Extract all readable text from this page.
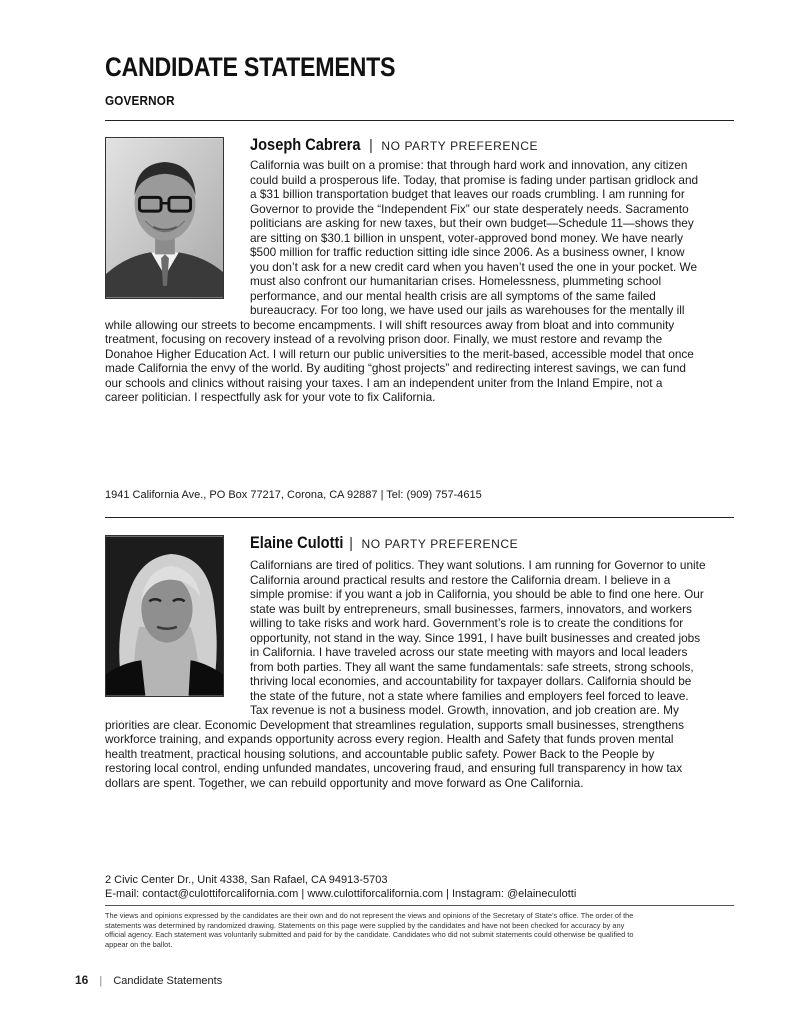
CANDIDATE STATEMENTS
GOVERNOR
Joseph Cabrera | NO PARTY PREFERENCE
California was built on a promise: that through hard work and innovation, any citizen
could build a prosperous life. Today, that promise is fading under partisan gridlock and
a $31 billion transportation budget that leaves our roads crumbling. I am running for
Governor to provide the “Independent Fix” our state desperately needs. Sacramento
politicians are asking for new taxes, but their own budget—Schedule 11—shows they
are sitting on $30.1 billion in unspent, voter-approved bond money. We have nearly
$500 million for traffic reduction sitting idle since 2006. As a business owner, I know
you don’t ask for a new credit card when you haven’t used the one in your pocket. We
must also confront our humanitarian crises. Homelessness, plummeting school
performance, and our mental health crisis are all symptoms of the same failed
bureaucracy. For too long, we have used our jails as warehouses for the mentally ill
while allowing our streets to become encampments. I will shift resources away from bloat and into community
treatment, focusing on recovery instead of a revolving prison door. Finally, we must restore and revamp the
Donahoe Higher Education Act. I will return our public universities to the merit-based, accessible model that once
made California the envy of the world. By auditing “ghost projects” and redirecting interest savings, we can fund
our schools and clinics without raising your taxes. I am an independent uniter from the Inland Empire, not a
career politician. I respectfully ask for your vote to fix California.
1941 California Ave., PO Box 77217, Corona, CA 92887 | Tel: (909) 757-4615
Elaine Culotti | NO PARTY PREFERENCE
Californians are tired of politics. They want solutions. I am running for Governor to unite
California around practical results and restore the California dream. I believe in a
simple promise: if you want a job in California, you should be able to find one here. Our
state was built by entrepreneurs, small businesses, farmers, innovators, and workers
willing to take risks and work hard. Government’s role is to create the conditions for
opportunity, not stand in the way. Since 1991, I have built businesses and created jobs
in California. I have traveled across our state meeting with mayors and local leaders
from both parties. They all want the same fundamentals: safe streets, strong schools,
thriving local economies, and accountability for taxpayer dollars. California should be
the state of the future, not a state where families and employers feel forced to leave.
Tax revenue is not a business model. Growth, innovation, and job creation are. My
priorities are clear. Economic Development that streamlines regulation, supports small businesses, strengthens
workforce training, and expands opportunity across every region. Health and Safety that funds proven mental
health treatment, practical housing solutions, and accountable public safety. Power Back to the People by
restoring local control, ending unfunded mandates, uncovering fraud, and ensuring full transparency in how tax
dollars are spent. Together, we can rebuild opportunity and move forward as One California.
2 Civic Center Dr., Unit 4338, San Rafael, CA 94913-5703
E-mail: contact@culottiforcalifornia.com | www.culottiforcalifornia.com | Instagram: @elaineculotti
The views and opinions expressed by the candidates are their own and do not represent the views and opinions of the Secretary of State’s office. The order of the
statements was determined by randomized drawing. Statements on this page were supplied by the candidates and have not been checked for accuracy by any
official agency. Each statement was voluntarily submitted and paid for by the candidate. Candidates who did not submit statements could otherwise be qualified to
appear on the ballot.
16 | Candidate Statements
